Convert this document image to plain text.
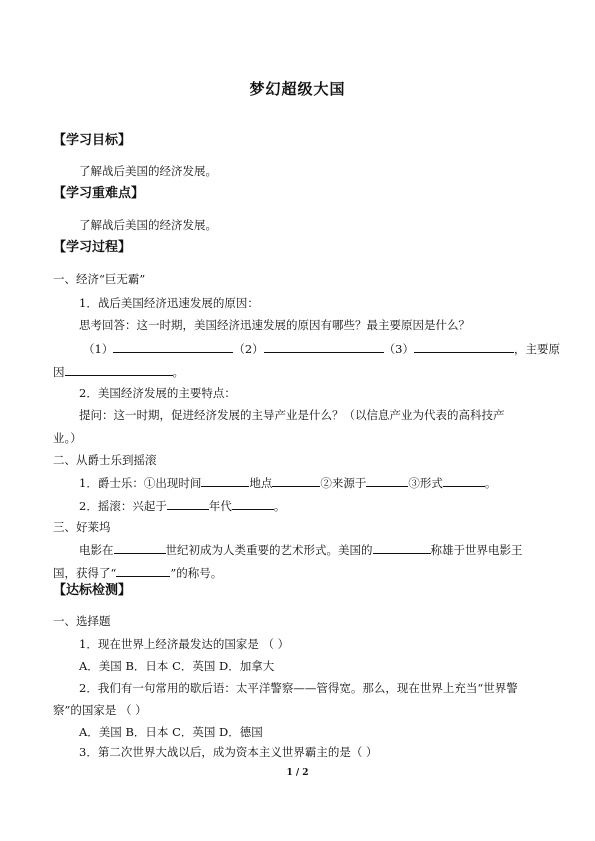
梦幻超级大国
【学习目标】
了解战后美国的经济发展。
【学习重难点】
了解战后美国的经济发展。
【学习过程】
一、经济“巨无霸”
1．战后美国经济迅速发展的原因：
思考回答：这一时期，美国经济迅速发展的原因有哪些？最主要原因是什么？
（1）	（2）	（3）	，主要原
因	。
2．美国经济发展的主要特点：
提问：这一时期，促进经济发展的主导产业是什么？（以信息产业为代表的高科技产
业。）
二、从爵士乐到摇滚
1．爵士乐：①出现时间	地点	②来源于	③形式	。
2．摇滚：兴起于	年代	。
三、好莱坞
电影在	世纪初成为人类重要的艺术形式。美国的	称雄于世界电影王
国，获得了“	”的称号。
【达标检测】
一、选择题
1．现在世界上经济最发达的国家是 （ ）
A．美国 B．日本 C．英国 D．加拿大
2．我们有一句常用的歇后语：太平洋警察——管得宽。那么，现在世界上充当“世界警
察”的国家是 （ ）
A．美国 B．日本 C．英国 D．德国
3．第二次世界大战以后，成为资本主义世界霸主的是（ ）
1 / 2
